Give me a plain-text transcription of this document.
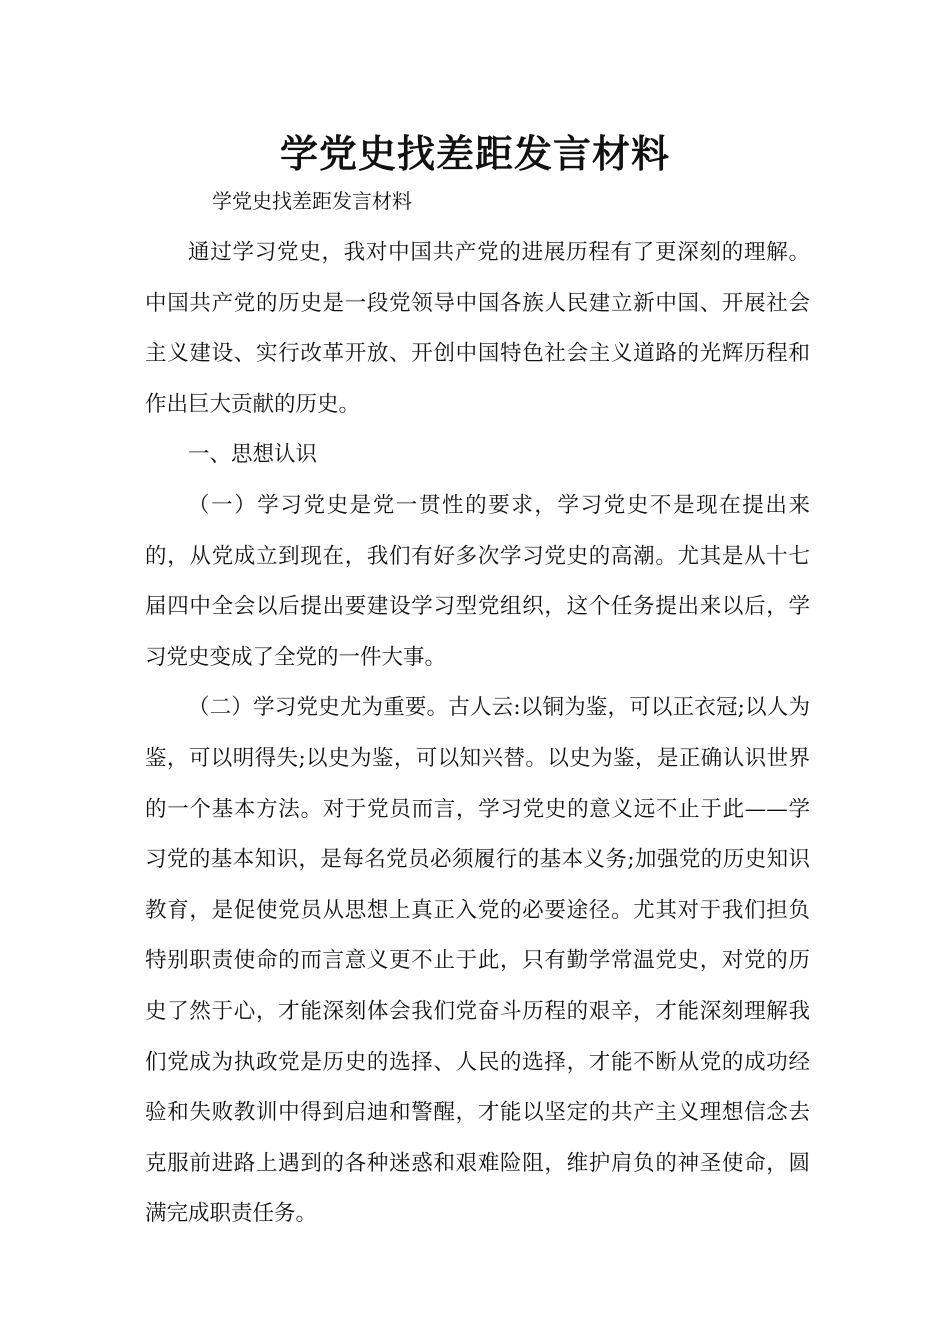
学党史找差距发言材料

学党史找差距发言材料

通过学习党史，我对中国共产党的进展历程有了更深刻的理解。中国共产党的历史是一段党领导中国各族人民建立新中国、开展社会主义建设、实行改革开放、开创中国特色社会主义道路的光辉历程和作出巨大贡献的历史。

一、思想认识

（一）学习党史是党一贯性的要求，学习党史不是现在提出来的，从党成立到现在，我们有好多次学习党史的高潮。尤其是从十七届四中全会以后提出要建设学习型党组织，这个任务提出来以后，学习党史变成了全党的一件大事。

（二）学习党史尤为重要。古人云:以铜为鉴，可以正衣冠;以人为鉴，可以明得失;以史为鉴，可以知兴替。以史为鉴，是正确认识世界的一个基本方法。对于党员而言，学习党史的意义远不止于此——学习党的基本知识，是每名党员必须履行的基本义务;加强党的历史知识教育，是促使党员从思想上真正入党的必要途径。尤其对于我们担负特别职责使命的而言意义更不止于此，只有勤学常温党史，对党的历史了然于心，才能深刻体会我们党奋斗历程的艰辛，才能深刻理解我们党成为执政党是历史的选择、人民的选择，才能不断从党的成功经验和失败教训中得到启迪和警醒，才能以坚定的共产主义理想信念去克服前进路上遇到的各种迷惑和艰难险阻，维护肩负的神圣使命，圆满完成职责任务。
